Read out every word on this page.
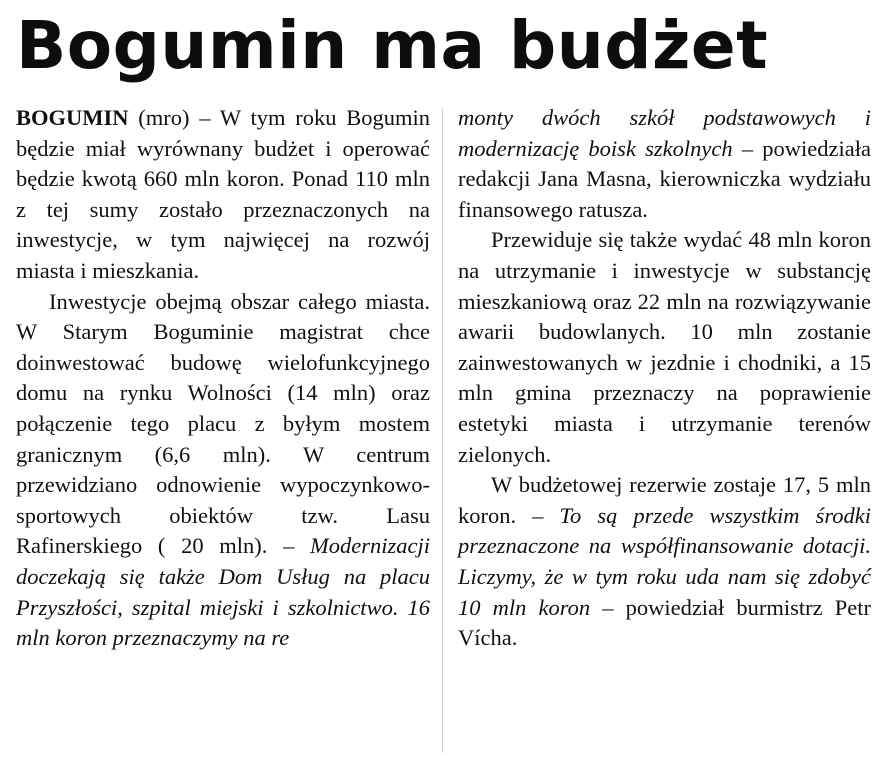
Bogumin ma budżet

BOGUMIN (mro) – W tym roku Bogumin będzie miał wyrównany budżet i operować będzie kwotą 660 mln koron. Ponad 110 mln z tej sumy zostało przeznaczonych na inwestycje, w tym najwięcej na rozwój miasta i mieszkania.

Inwestycje obejmą obszar całego miasta. W Starym Boguminie magistrat chce doinwestować budowę wielofunkcyjnego domu na rynku Wolności (14 mln) oraz połączenie tego placu z byłym mostem granicznym (6,6 mln). W centrum przewidziano odnowienie wypoczynkowo-sportowych obiektów tzw. Lasu Rafinerskiego ( 20 mln). – Modernizacji doczekają się także Dom Usług na placu Przyszłości, szpital miejski i szkolnictwo. 16 mln koron przeznaczymy na re

monty dwóch szkół podstawowych i modernizację boisk szkolnych – powiedziała redakcji Jana Masna, kierowniczka wydziału finansowego ratusza.

Przewiduje się także wydać 48 mln koron na utrzymanie i inwestycje w substancję mieszkaniową oraz 22 mln na rozwiązywanie awarii budowlanych. 10 mln zostanie zainwestowanych w jezdnie i chodniki, a 15 mln gmina przeznaczy na poprawienie estetyki miasta i utrzymanie terenów zielonych.

W budżetowej rezerwie zostaje 17, 5 mln koron. – To są przede wszystkim środki przeznaczone na współfinansowanie dotacji. Liczymy, że w tym roku uda nam się zdobyć 10 mln koron – powiedział burmistrz Petr Vícha.
